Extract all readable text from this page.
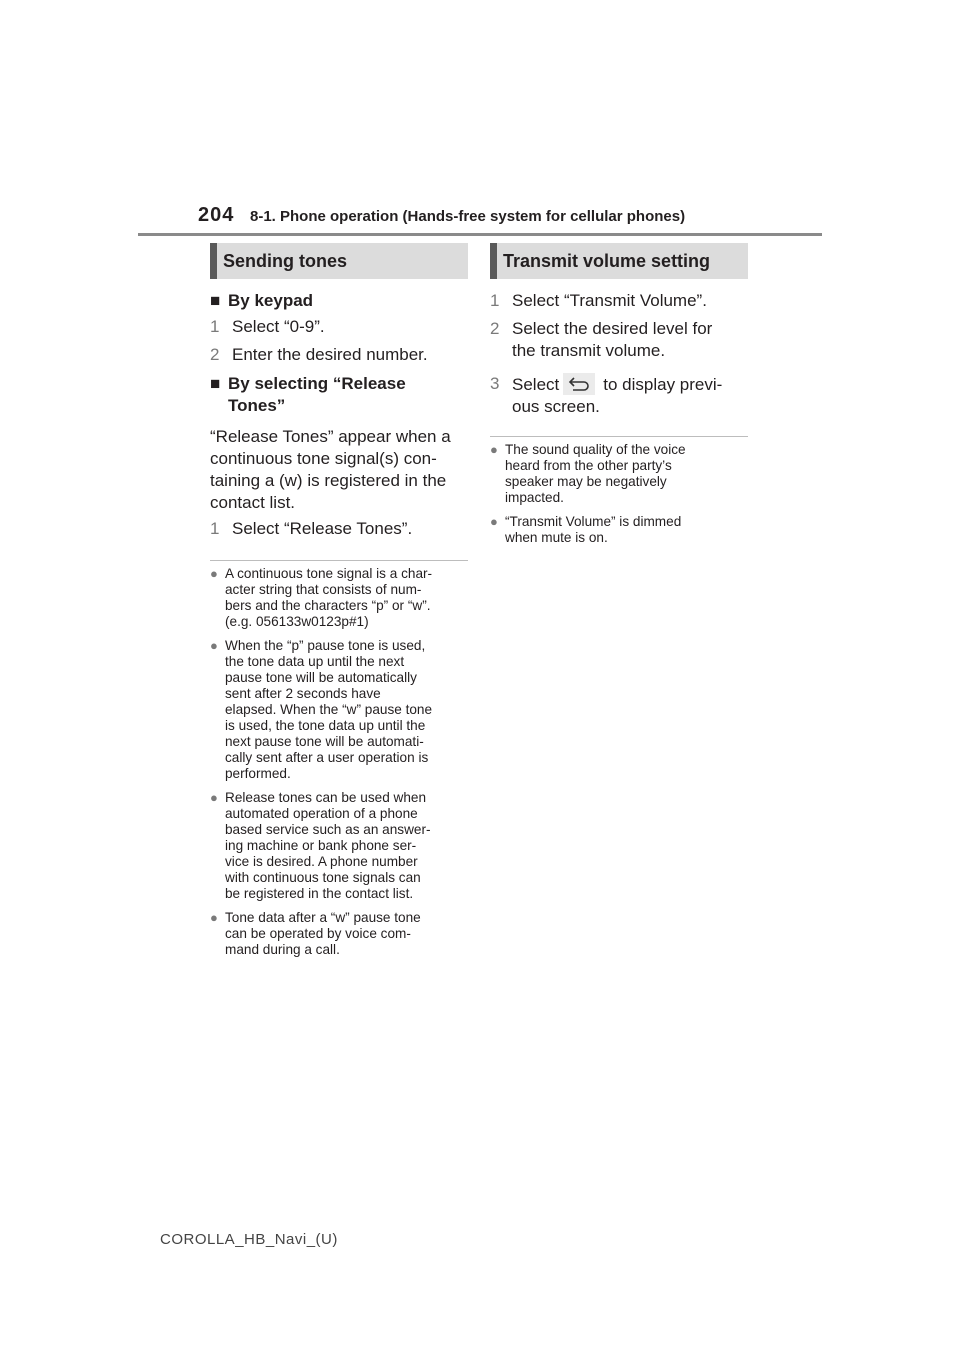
204 8-1. Phone operation (Hands-free system for cellular phones)
Sending tones
■ By keypad
1 Select “0-9”.
2 Enter the desired number.
■ By selecting “Release
Tones”
“Release Tones” appear when a
continuous tone signal(s) con-
taining a (w) is registered in the
contact list.
1 Select “Release Tones”.
● A continuous tone signal is a char-
acter string that consists of num-
bers and the characters “p” or “w”.
(e.g. 056133w0123p#1)
● When the “p” pause tone is used,
the tone data up until the next
pause tone will be automatically
sent after 2 seconds have
elapsed. When the “w” pause tone
is used, the tone data up until the
next pause tone will be automati-
cally sent after a user operation is
performed.
● Release tones can be used when
automated operation of a phone
based service such as an answer-
ing machine or bank phone ser-
vice is desired. A phone number
with continuous tone signals can
be registered in the contact list.
● Tone data after a “w” pause tone
can be operated by voice com-
mand during a call.
Transmit volume setting
1 Select “Transmit Volume”.
2 Select the desired level for
the transmit volume.
3 Select	to display previ-
ous screen.
● The sound quality of the voice
heard from the other party’s
speaker may be negatively
impacted.
● “Transmit Volume” is dimmed
when mute is on.
COROLLA_HB_Navi_(U)
